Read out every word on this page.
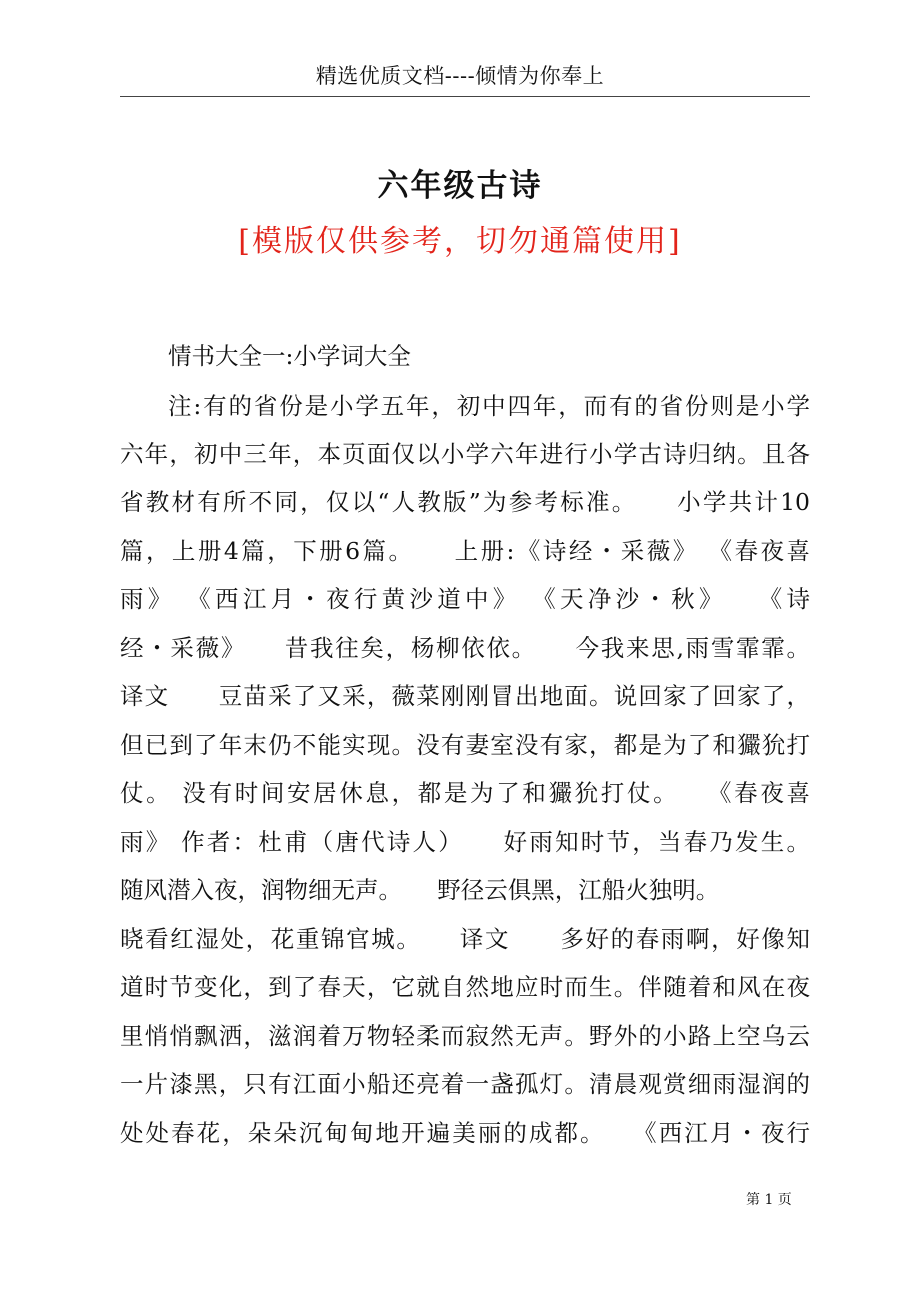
精选优质文档----倾情为你奉上
六年级古诗
[模版仅供参考，切勿通篇使用]
情书大全一:小学词大全
注:有的省份是小学五年，初中四年，而有的省份则是小学
六年，初中三年，本页面仅以小学六年进行小学古诗归纳。且各
省教材有所不同，仅以“人教版”为参考标准。　　小学共计10
篇，上册4篇，下册6篇。　　上册:《诗经・采薇》 《春夜喜
雨》 《西江月・夜行黄沙道中》 《天净沙・秋》　　《诗
经・采薇》　　昔我往矣，杨柳依依。　　今我来思,雨雪霏霏。
译文　　豆苗采了又采，薇菜刚刚冒出地面。说回家了回家了，
但已到了年末仍不能实现。没有妻室没有家，都是为了和玁狁打
仗。 没有时间安居休息，都是为了和玁狁打仗。　　《春夜喜
雨》 作者：杜甫（唐代诗人）　　好雨知时节，当春乃发生。
随风潜入夜，润物细无声。　　野径云俱黑，江船火独明。
晓看红湿处，花重锦官城。　　译文　　多好的春雨啊，好像知
道时节变化，到了春天，它就自然地应时而生。伴随着和风在夜
里悄悄飘洒，滋润着万物轻柔而寂然无声。野外的小路上空乌云
一片漆黑，只有江面小船还亮着一盏孤灯。清晨观赏细雨湿润的
处处春花，朵朵沉甸甸地开遍美丽的成都。　　《西江月・夜行
第 1 页
